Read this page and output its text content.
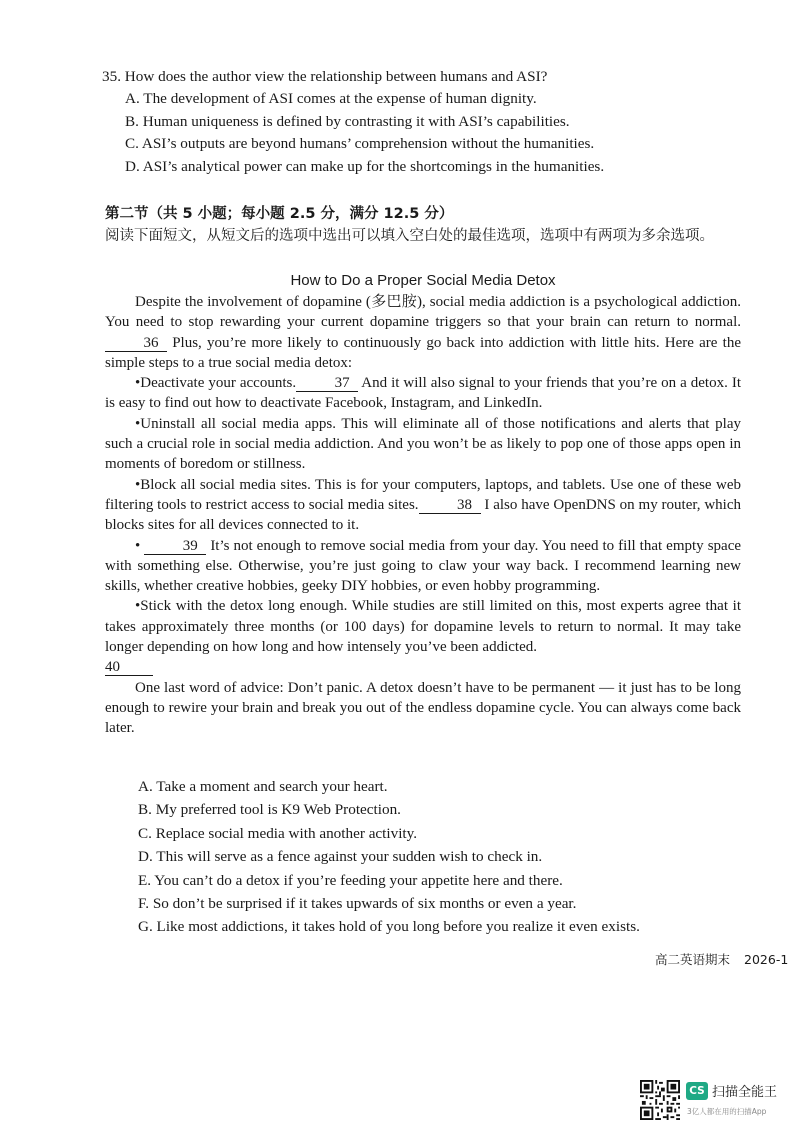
35. How does the author view the relationship between humans and ASI?
A. The development of ASI comes at the expense of human dignity.
B. Human uniqueness is defined by contrasting it with ASI’s capabilities.
C. ASI’s outputs are beyond humans’ comprehension without the humanities.
D. ASI’s analytical power can make up for the shortcomings in the humanities.
第二节（共 5 小题；每小题 2.5 分，满分 12.5 分）
阅读下面短文，从短文后的选项中选出可以填入空白处的最佳选项，选项中有两项为多余选项。
How to Do a Proper Social Media Detox

Despite the involvement of dopamine (多巴胺), social media addiction is a psychological addiction. You need to stop rewarding your current dopamine triggers so that your brain can return to normal.36 Plus, you’re more likely to continuously go back into addiction with little hits. Here are the simple steps to a true social media detox:

•Deactivate your accounts.	37 And it will also signal to your friends that you’re on a detox. It is easy to find out how to deactivate Facebook, Instagram, and LinkedIn.

•Uninstall all social media apps. This will eliminate all of those notifications and alerts that play such a crucial role in social media addiction. And you won’t be as likely to pop one of those apps open in moments of boredom or stillness.

•Block all social media sites. This is for your computers, laptops, and tablets. Use one of these web filtering tools to restrict access to social media sites.	38 I also have OpenDNS on my router, which blocks sites for all devices connected to it.

•	39 It’s not enough to remove social media from your day. You need to fill that empty space with something else. Otherwise, you’re just going to claw your way back. I recommend learning new skills, whether creative hobbies, geeky DIY hobbies, or even hobby programming.

•Stick with the detox long enough. While studies are still limited on this, most experts agree that it takes approximately three months (or 100 days) for dopamine levels to return to normal. It may take longer depending on how long and how intensely you’ve been addicted.

40

One last word of advice: Don’t panic. A detox doesn’t have to be permanent — it just has to be long enough to rewire your brain and break you out of the endless dopamine cycle. You can always come back later.

A. Take a moment and search your heart.
B. My preferred tool is K9 Web Protection.
C. Replace social media with another activity.
D. This will serve as a fence against your sudden wish to check in.
E. You can’t do a detox if you’re feeding your appetite here and there.
F. So don’t be surprised if it takes upwards of six months or even a year.
G. Like most addictions, it takes hold of you long before you realize it even exists.
高二英语期末 2026-1
CS 扫描全能王
3亿人都在用的扫描App
